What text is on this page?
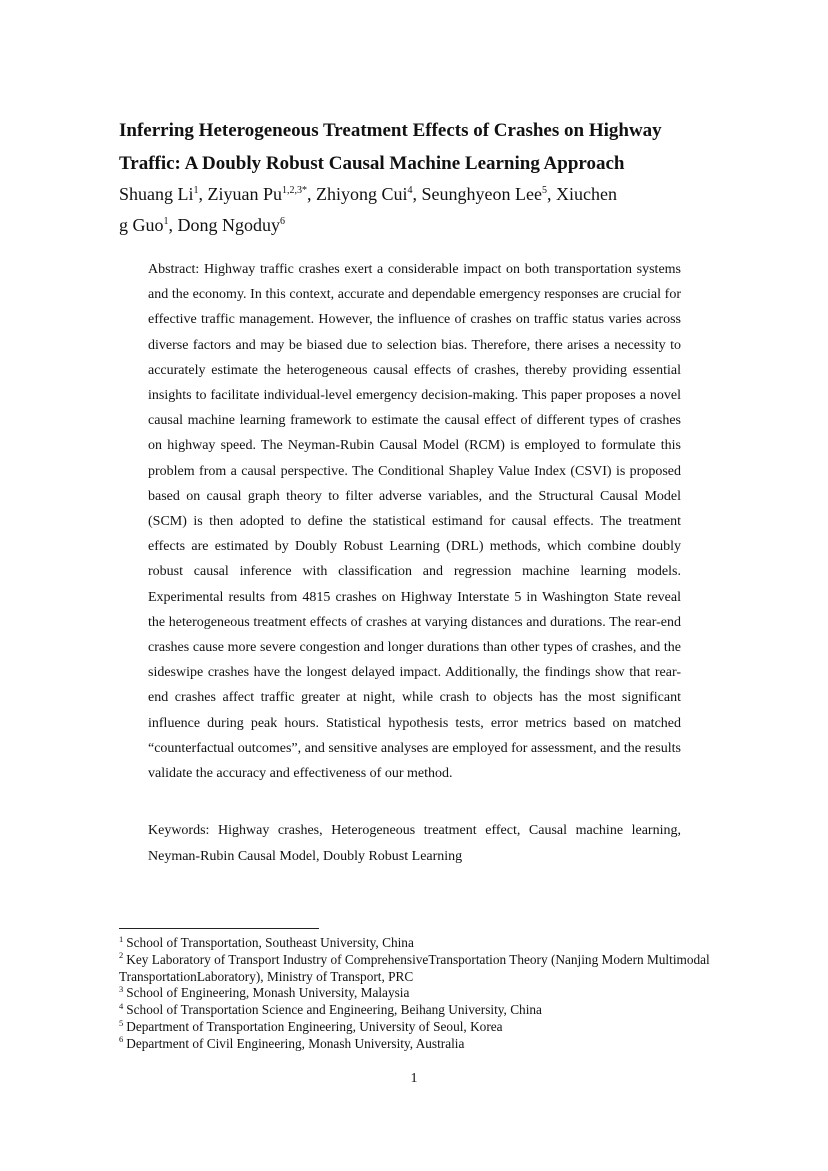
Inferring Heterogeneous Treatment Effects of Crashes on Highway
Traffic: A Doubly Robust Causal Machine Learning Approach
Shuang Li$^1$, Ziyuan $Pu^{1,2,3*}$, Zhiyong Cui$^4$, Seunghyeon Lee$^5$, Xiuchen
g Guo$^1$, Dong Ngoduy$^6$

Abstract: Highway traffic crashes exert a considerable impact on both transportation systems and the economy. In this context, accurate and dependable emergency responses are crucial for effective traffic management. However, the influence of crashes on traffic status varies across diverse factors and may be biased due to selection bias. Therefore, there arises a necessity to accurately estimate the heterogeneous causal effects of crashes, thereby providing essential insights to facilitate individual-level emergency decision-making. This paper proposes a novel causal machine learning framework to estimate the causal effect of different types of crashes on highway speed. The Neyman-Rubin Causal Model (RCM) is employed to formulate this problem from a causal perspective. The Conditional Shapley Value Index (CSVI) is proposed based on causal graph theory to filter adverse variables, and the Structural Causal Model (SCM) is then adopted to define the statistical estimand for causal effects. The treatment effects are estimated by Doubly Robust Learning (DRL) methods, which combine doubly robust causal inference with classification and regression machine learning models. Experimental results from 4815 crashes on Highway Interstate 5 in Washington State reveal the heterogeneous treatment effects of crashes at varying distances and durations. The rear-end crashes cause more severe congestion and longer durations than other types of crashes, and the sideswipe crashes have the longest delayed impact. Additionally, the findings show that rear-end crashes affect traffic greater at night, while crash to objects has the most significant influence during peak hours. Statistical hypothesis tests, error metrics based on matched “counterfactual outcomes”, and sensitive analyses are employed for assessment, and the results validate the accuracy and effectiveness of our method.

Keywords: Highway crashes, Heterogeneous treatment effect, Causal machine learning, Neyman-Rubin Causal Model, Doubly Robust Learning

$^1$ School of Transportation, Southeast University, China
$^2$ Key Laboratory of Transport Industry of ComprehensiveTransportation Theory (Nanjing Modern Multimodal TransportationLaboratory), Ministry of Transport, PRC
$^3$ School of Engineering, Monash University, Malaysia
$^4$ School of Transportation Science and Engineering, Beihang University, China
$^5$ Department of Transportation Engineering, University of Seoul, Korea
$^6$ Department of Civil Engineering, Monash University, Australia
1
